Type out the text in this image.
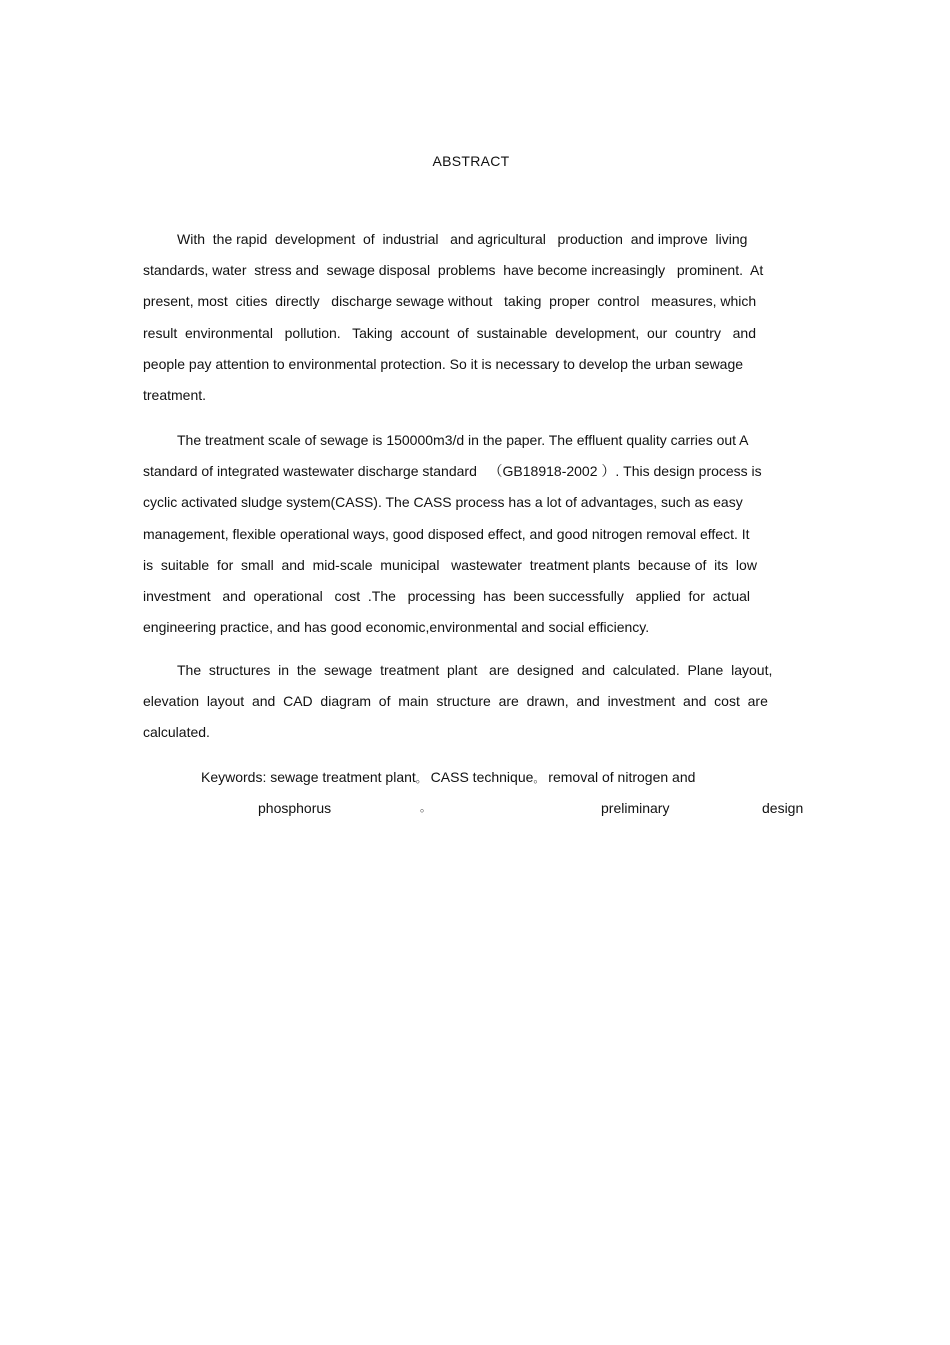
ABSTRACT
With  the rapid  development  of  industrial   and agricultural   production  and improve  living
standards, water  stress and  sewage disposal  problems  have become increasingly   prominent.  At
present, most  cities  directly   discharge sewage without   taking  proper  control   measures, which
result  environmental   pollution.   Taking  account  of  sustainable  development,  our  country   and
people pay attention to environmental protection. So it is necessary to develop the urban sewage
treatment.
The treatment scale of sewage is 150000m3/d in the paper. The effluent quality carries out A
standard of integrated wastewater discharge standard   （GB18918-2002 ）. This design process is
cyclic activated sludge system(CASS). The CASS process has a lot of advantages, such as easy
management, flexible operational ways, good disposed effect, and good nitrogen removal effect. It
is  suitable  for  small  and  mid-scale  municipal   wastewater  treatment plants  because of  its  low
investment   and  operational   cost  .The   processing  has  been successfully   applied  for  actual
engineering practice, and has good economic,environmental and social efficiency.
The  structures  in  the  sewage  treatment  plant   are  designed  and  calculated.  Plane  layout,
elevation  layout  and  CAD  diagram  of  main  structure  are  drawn,  and  investment  and  cost  are
calculated.
Keywords: sewage treatment plant。 CASS technique。 removal of nitrogen and
phosphorus	。	preliminary	design
